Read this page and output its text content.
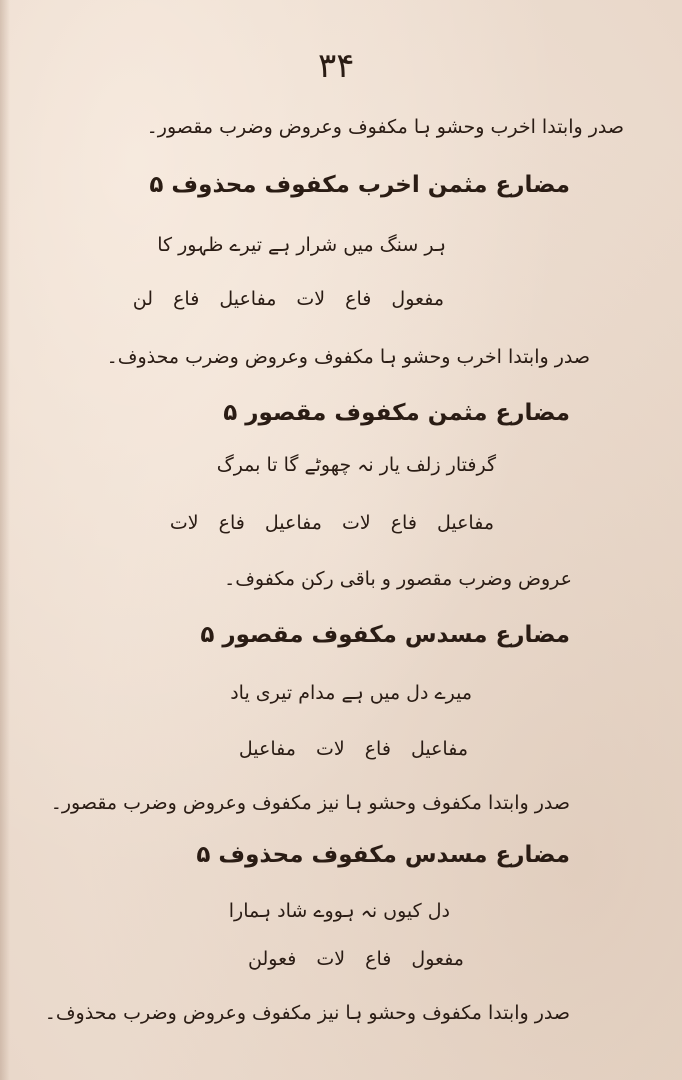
۳۴
صدر وابتدا اخرب وحشو ہا مکفوف وعروض وضرب مقصور۔
مضارع مثمن اخرب مکفوف محذوف ۵
ہر سنگ میں شرار ہے تیرے ظہور کا
مفعول فاع لات مفاعیل فاع لن
صدر وابتدا اخرب وحشو ہا مکفوف وعروض وضرب محذوف۔
مضارع مثمن مکفوف مقصور ۵
گرفتار زلف یار نہ چھوٹے گا تا بمرگ
مفاعیل فاع لات مفاعیل فاع لات
عروض وضرب مقصور و باقی رکن مکفوف۔
مضارع مسدس مکفوف مقصور ۵
میرے دل میں ہے مدام تیری یاد
مفاعیل فاع لات مفاعیل
صدر وابتدا مکفوف وحشو ہا نیز مکفوف وعروض وضرب مقصور۔
مضارع مسدس مکفوف محذوف ۵
دل کیوں نہ ہووے شاد ہمارا
مفعول فاع لات فعولن
صدر وابتدا مکفوف وحشو ہا نیز مکفوف وعروض وضرب محذوف۔
